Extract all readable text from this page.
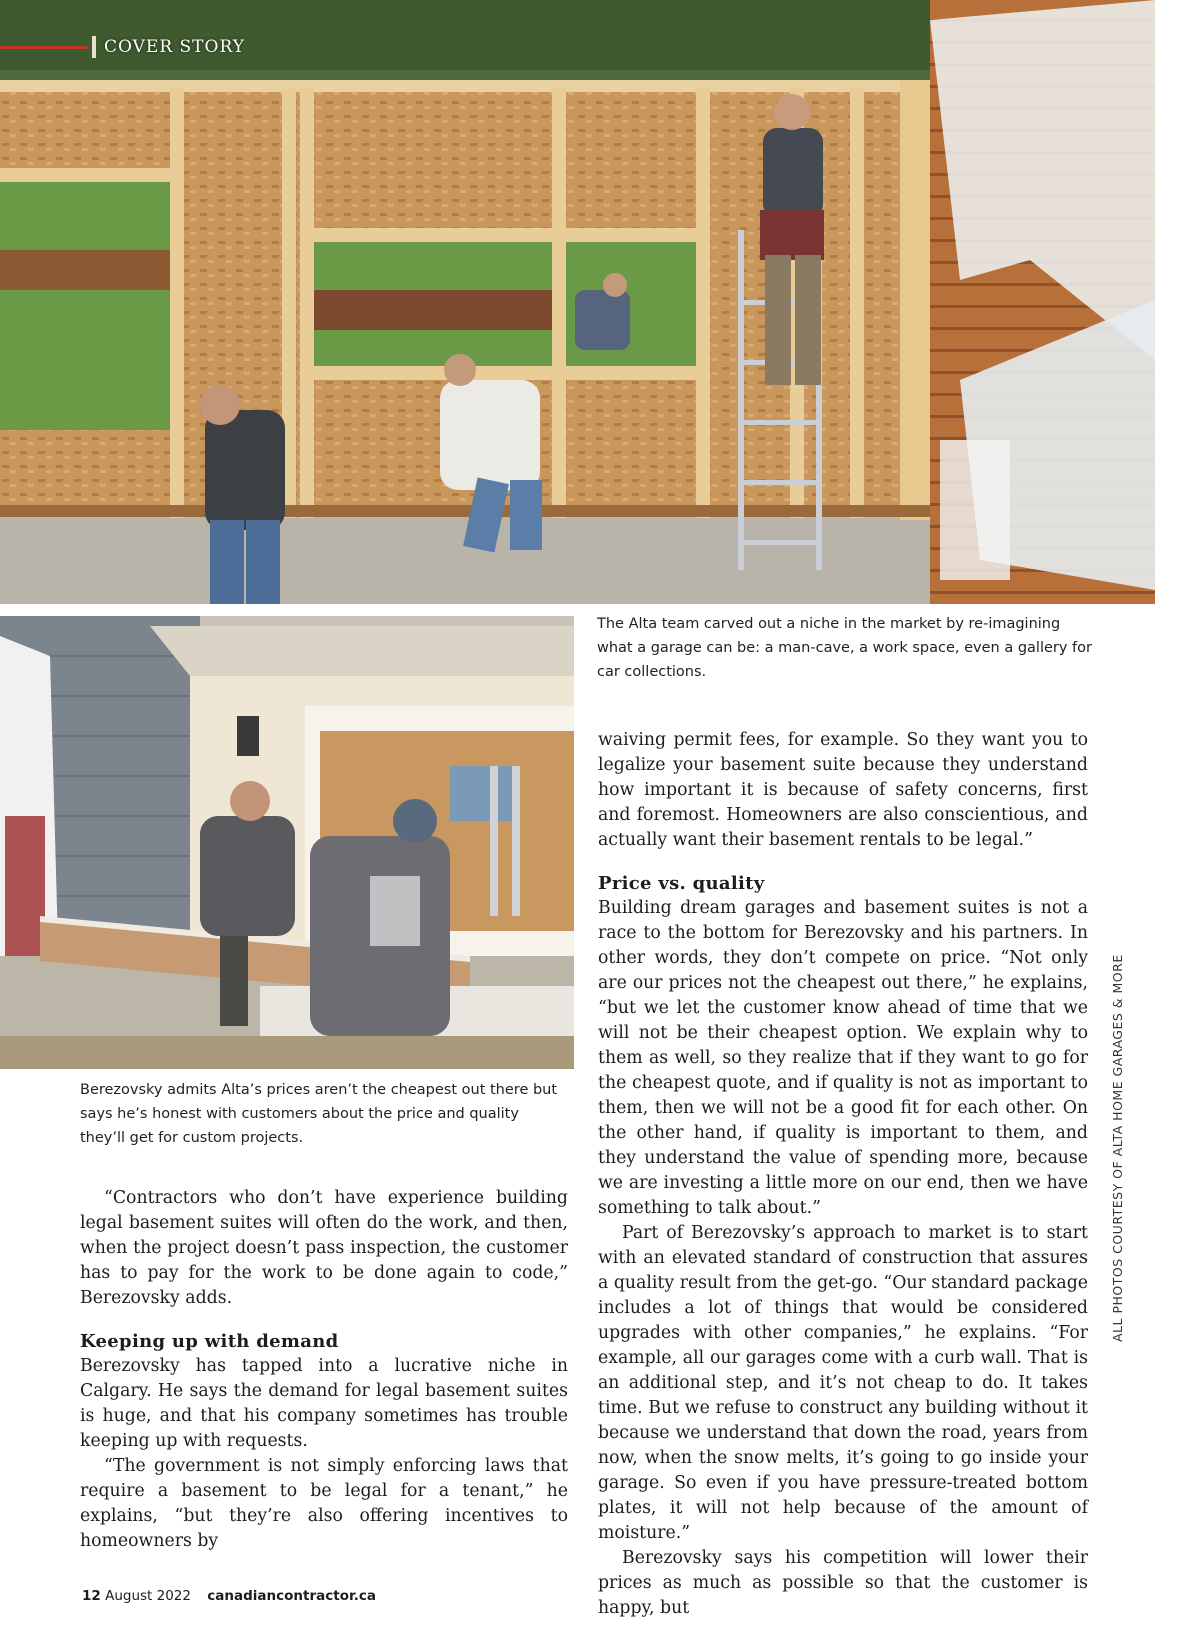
COVER STORY
The Alta team carved out a niche in the market by re-imagining what a garage can be: a man-cave, a work space, even a gallery for car collections.
Berezovsky admits Alta’s prices aren’t the cheapest out there but says he’s honest with customers about the price and quality they’ll get for custom projects.

“Contractors who don’t have experience building legal basement suites will often do the work, and then, when the project doesn’t pass inspection, the customer has to pay for the work to be done again to code,” Berezovsky adds.

Keeping up with demand

Berezovsky has tapped into a lucrative niche in Calgary. He says the demand for legal basement suites is huge, and that his company sometimes has trouble keeping up with requests.

“The government is not simply enforcing laws that require a basement to be legal for a tenant,” he explains, “but they’re also offering incentives to homeowners by

waiving permit fees, for example. So they want you to legalize your basement suite because they understand how important it is because of safety concerns, first and foremost. Homeowners are also conscientious, and actually want their basement rentals to be legal.”

Price vs. quality

Building dream garages and basement suites is not a race to the bottom for Berezovsky and his partners. In other words, they don’t compete on price. “Not only are our prices not the cheapest out there,” he explains, “but we let the customer know ahead of time that we will not be their cheapest option. We explain why to them as well, so they realize that if they want to go for the cheapest quote, and if quality is not as important to them, then we will not be a good fit for each other. On the other hand, if quality is important to them, and they understand the value of spending more, because we are investing a little more on our end, then we have something to talk about.”

Part of Berezovsky’s approach to market is to start with an elevated standard of construction that assures a quality result from the get-go. “Our standard package includes a lot of things that would be considered upgrades with other companies,” he explains. “For example, all our garages come with a curb wall. That is an additional step, and it’s not cheap to do. It takes time. But we refuse to construct any building without it because we understand that down the road, years from now, when the snow melts, it’s going to go inside your garage. So even if you have pressure-treated bottom plates, it will not help because of the amount of moisture.”

Berezovsky says his competition will lower their prices as much as possible so that the customer is happy, but

12 August 2022 canadiancontractor.ca
ALL PHOTOS COURTESY OF ALTA HOME GARAGES & MORE
